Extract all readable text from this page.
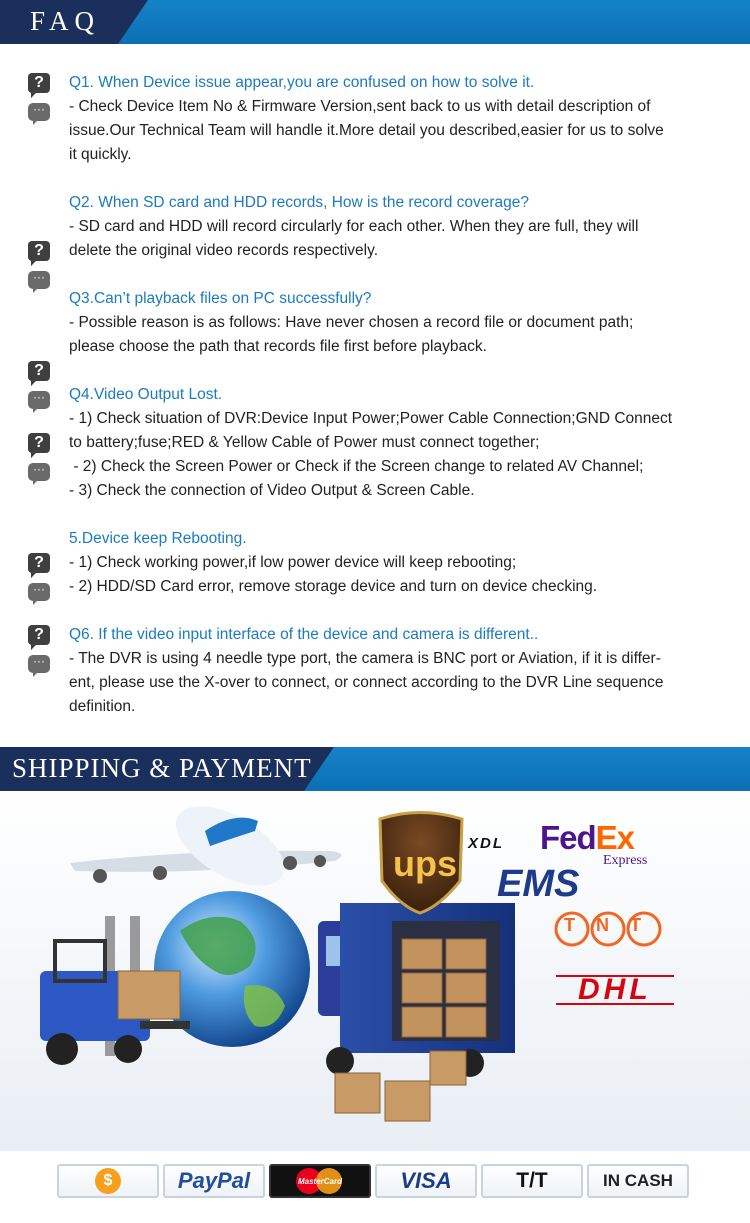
FAQ
?
···
?
···
?
···
?
···
?
···
?
···
Q1. When Device issue appear,you are confused on how to solve it.
- Check Device Item No & Firmware Version,sent back to us with detail description of
issue.Our Technical Team will handle it.More detail you described,easier for us to solve
it quickly.
Q2. When SD card and HDD records, How is the record coverage?
- SD card and HDD will record circularly for each other. When they are full, they will
delete the original video records respectively.
Q3.Can’t playback files on PC successfully?
- Possible reason is as follows: Have never chosen a record file or document path;
please choose the path that records file first before playback.
Q4.Video Output Lost.
- 1) Check situation of DVR:Device Input Power;Power Cable Connection;GND Connect
to battery;fuse;RED & Yellow Cable of Power must connect together;
- 2) Check the Screen Power or Check if the Screen change to related AV Channel;
- 3) Check the connection of Video Output & Screen Cable.
5.Device keep Rebooting.
- 1) Check working power,if low power device will keep rebooting;
- 2) HDD/SD Card error, remove storage device and turn on device checking.
Q6. If the video input interface of the device and camera is different..
- The DVR is using 4 needle type port, the camera is BNC port or Aviation, if it is differ-
ent, please use the X-over to connect, or connect according to the DVR Line sequence
definition.
SHIPPING & PAYMENT
ups XDL FedEx
Express
EMS
TNT
DHL
$	PayPal	MasterCard	VISA	T/T	IN CASH
